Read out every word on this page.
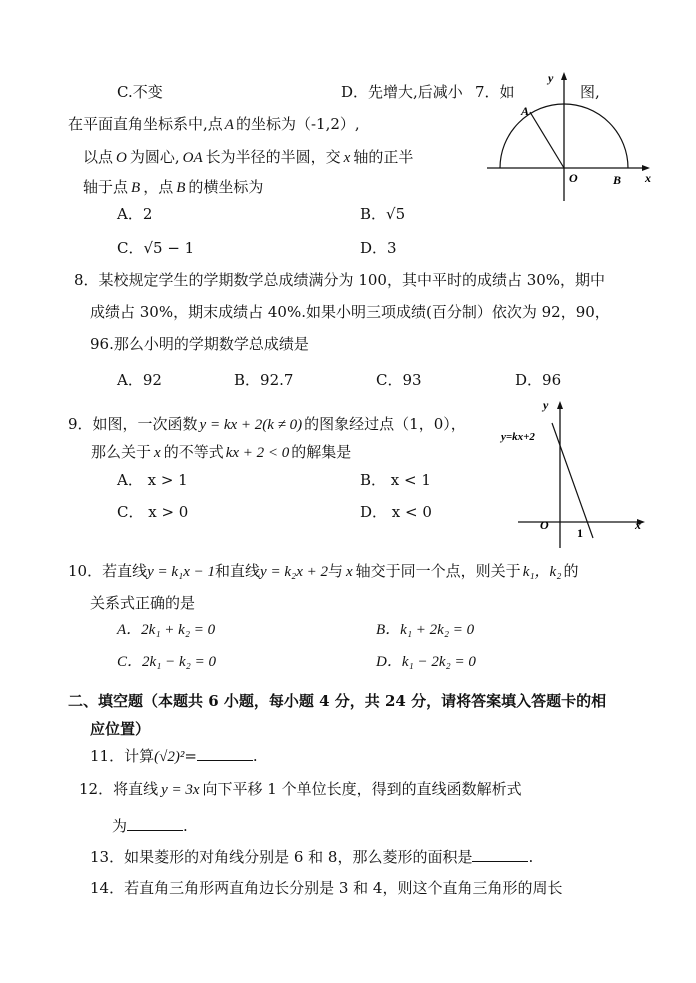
C.不变	D．先增大,后减小 7．如	图,
在平面直角坐标系中,点 A 的坐标为（-1,2）,
以点 O 为圆心, OA 长为半径的半圆，交 x 轴的正半
轴于点 B ，点 B 的横坐标为
A．2	B．√5
C．√5 − 1	D．3
y
A
O	B x
8．某校规定学生的学期数学总成绩满分为 100，其中平时的成绩占 30%，期中
成绩占 30%，期末成绩占 40%.如果小明三项成绩(百分制）依次为 92，90，
96.那么小明的学期数学总成绩是
A．92	B．92.7	C．93	D．96
9．如图，一次函数 y = kx + 2(k ≠ 0) 的图象经过点（1，0），
那么关于 x 的不等式 kx + 2 < 0 的解集是
A． x > 1	B． x < 1
C． x > 0	D． x < 0
y
y=kx+2
O
1
x
10．若直线y = k₁x − 1和直线y = k₂x + 2与 x 轴交于同一个点，则关于 k₁，k₂ 的
关系式正确的是
A．2k₁ + k₂ = 0	B．k₁ + 2k₂ = 0
C．2k₁ − k₂ = 0	D．k₁ − 2k₂ = 0
二、填空题（本题共 6 小题，每小题 4 分，共 24 分，请将答案填入答题卡的相
应位置）
11．计算(√2)²=	.
12．将直线 y = 3x 向下平移 1 个单位长度，得到的直线函数解析式
为	.
13．如果菱形的对角线分别是 6 和 8，那么菱形的面积是	.
14．若直角三角形两直角边长分别是 3 和 4，则这个直角三角形的周长
